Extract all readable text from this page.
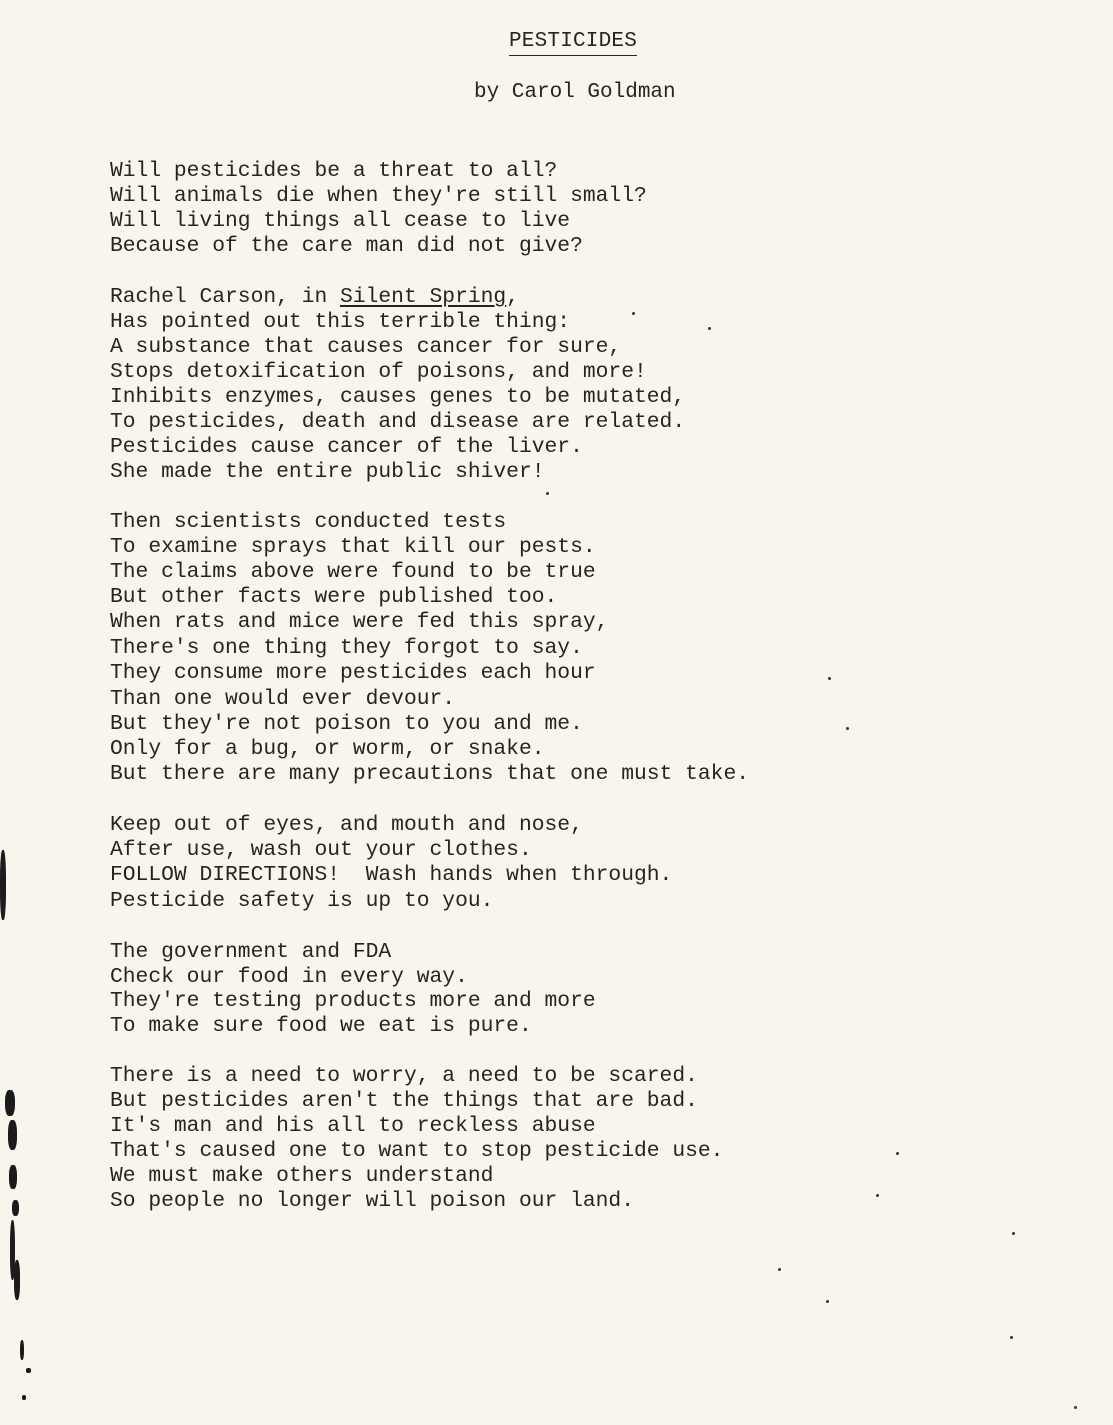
PESTICIDES
by Carol Goldman
Will pesticides be a threat to all?
Will animals die when they're still small?
Will living things all cease to live
Because of the care man did not give?
Rachel Carson, in Silent Spring,
Has pointed out this terrible thing:
A substance that causes cancer for sure,
Stops detoxification of poisons, and more!
Inhibits enzymes, causes genes to be mutated,
To pesticides, death and disease are related.
Pesticides cause cancer of the liver.
She made the entire public shiver!
Then scientists conducted tests
To examine sprays that kill our pests.
The claims above were found to be true
But other facts were published too.
When rats and mice were fed this spray,
There's one thing they forgot to say.
They consume more pesticides each hour
Than one would ever devour.
But they're not poison to you and me.
Only for a bug, or worm, or snake.
But there are many precautions that one must take.
Keep out of eyes, and mouth and nose,
After use, wash out your clothes.
FOLLOW DIRECTIONS!  Wash hands when through.
Pesticide safety is up to you.
The government and FDA
Check our food in every way.
They're testing products more and more
To make sure food we eat is pure.
There is a need to worry, a need to be scared.
But pesticides aren't the things that are bad.
It's man and his all to reckless abuse
That's caused one to want to stop pesticide use.
We must make others understand
So people no longer will poison our land.
